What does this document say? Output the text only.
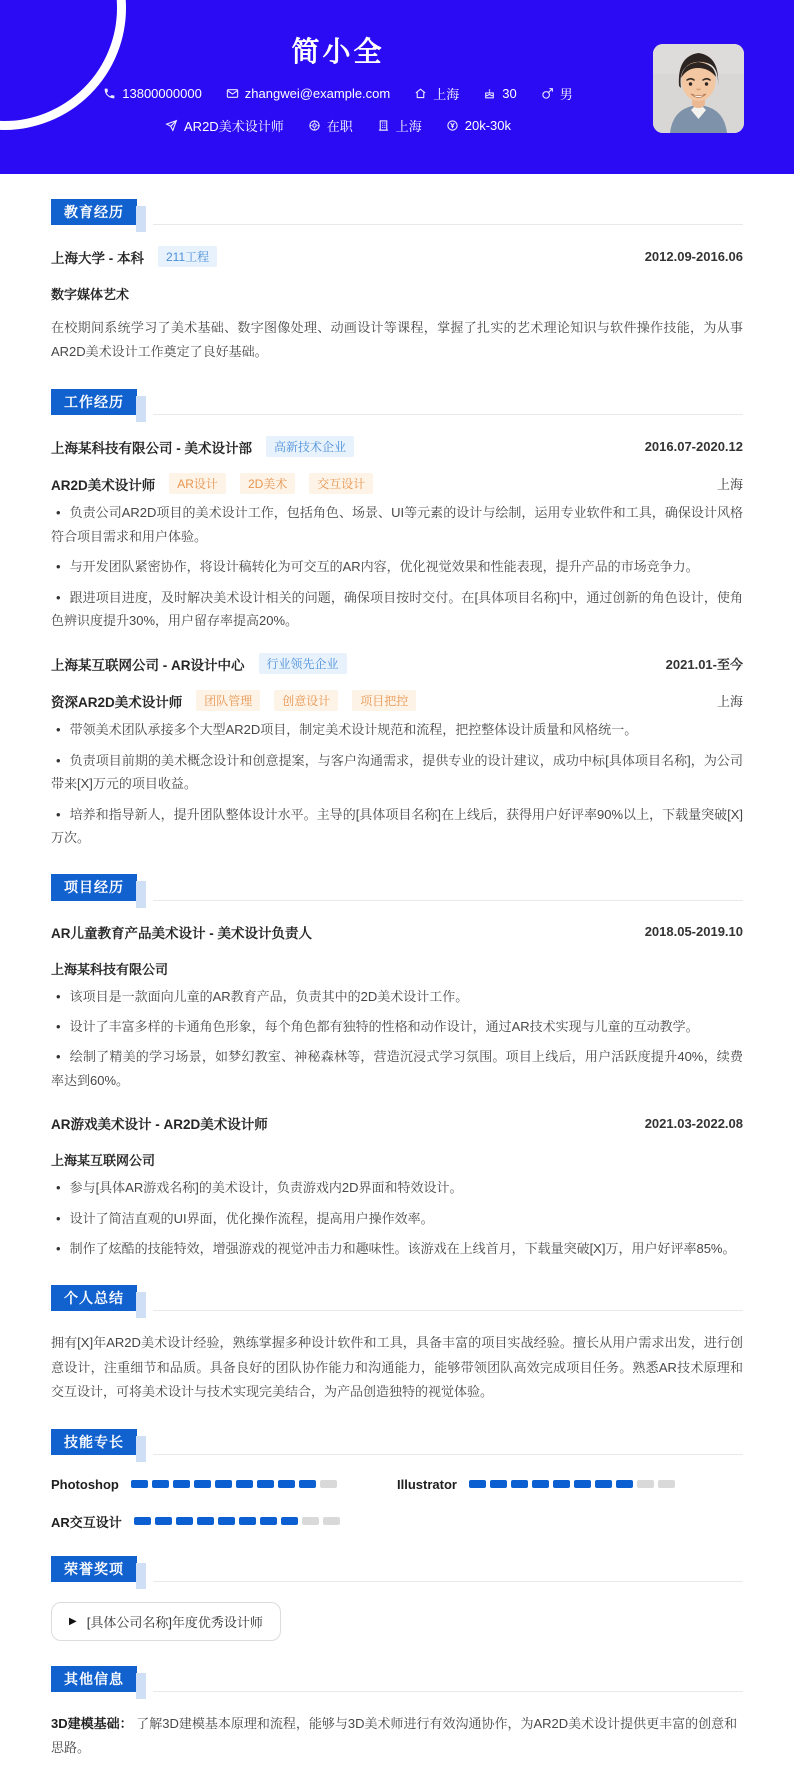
简小全
13800000000	zhangwei@example.com	上海	30	男
AR2D美术设计师	在职	上海	20k-30k
教育经历
上海大学 - 本科	211工程	2012.09-2016.06
数字媒体艺术
在校期间系统学习了美术基础、数字图像处理、动画设计等课程，掌握了扎实的艺术理论知识与软件操作技能，为从事AR2D美术设计工作奠定了良好基础。
工作经历
上海某科技有限公司 - 美术设计部	高新技术企业	2016.07-2020.12
AR2D美术设计师	AR设计	2D美术	交互设计	上海
• 负责公司AR2D项目的美术设计工作，包括角色、场景、UI等元素的设计与绘制，运用专业软件和工具，确保设计风格符合项目需求和用户体验。
• 与开发团队紧密协作，将设计稿转化为可交互的AR内容，优化视觉效果和性能表现，提升产品的市场竞争力。
• 跟进项目进度，及时解决美术设计相关的问题，确保项目按时交付。在[具体项目名称]中，通过创新的角色设计，使角色辨识度提升30%，用户留存率提高20%。
上海某互联网公司 - AR设计中心	行业领先企业	2021.01-至今
资深AR2D美术设计师	团队管理	创意设计	项目把控	上海
• 带领美术团队承接多个大型AR2D项目，制定美术设计规范和流程，把控整体设计质量和风格统一。
• 负责项目前期的美术概念设计和创意提案，与客户沟通需求，提供专业的设计建议，成功中标[具体项目名称]，为公司带来[X]万元的项目收益。
• 培养和指导新人，提升团队整体设计水平。主导的[具体项目名称]在上线后，获得用户好评率90%以上，下载量突破[X]万次。
项目经历
AR儿童教育产品美术设计 - 美术设计负责人	2018.05-2019.10
上海某科技有限公司
• 该项目是一款面向儿童的AR教育产品，负责其中的2D美术设计工作。
• 设计了丰富多样的卡通角色形象，每个角色都有独特的性格和动作设计，通过AR技术实现与儿童的互动教学。
• 绘制了精美的学习场景，如梦幻教室、神秘森林等，营造沉浸式学习氛围。项目上线后，用户活跃度提升40%，续费率达到60%。
AR游戏美术设计 - AR2D美术设计师	2021.03-2022.08
上海某互联网公司
• 参与[具体AR游戏名称]的美术设计，负责游戏内2D界面和特效设计。
• 设计了简洁直观的UI界面，优化操作流程，提高用户操作效率。
• 制作了炫酷的技能特效，增强游戏的视觉冲击力和趣味性。该游戏在上线首月，下载量突破[X]万，用户好评率85%。
个人总结
拥有[X]年AR2D美术设计经验，熟练掌握多种设计软件和工具，具备丰富的项目实战经验。擅长从用户需求出发，进行创意设计，注重细节和品质。具备良好的团队协作能力和沟通能力，能够带领团队高效完成项目任务。熟悉AR技术原理和交互设计，可将美术设计与技术实现完美结合，为产品创造独特的视觉体验。
技能专长
Photoshop	Illustrator
AR交互设计
荣誉奖项
▶ [具体公司名称]年度优秀设计师
其他信息
3D建模基础： 了解3D建模基本原理和流程，能够与3D美术师进行有效沟通协作，为AR2D美术设计提供更丰富的创意和思路。
